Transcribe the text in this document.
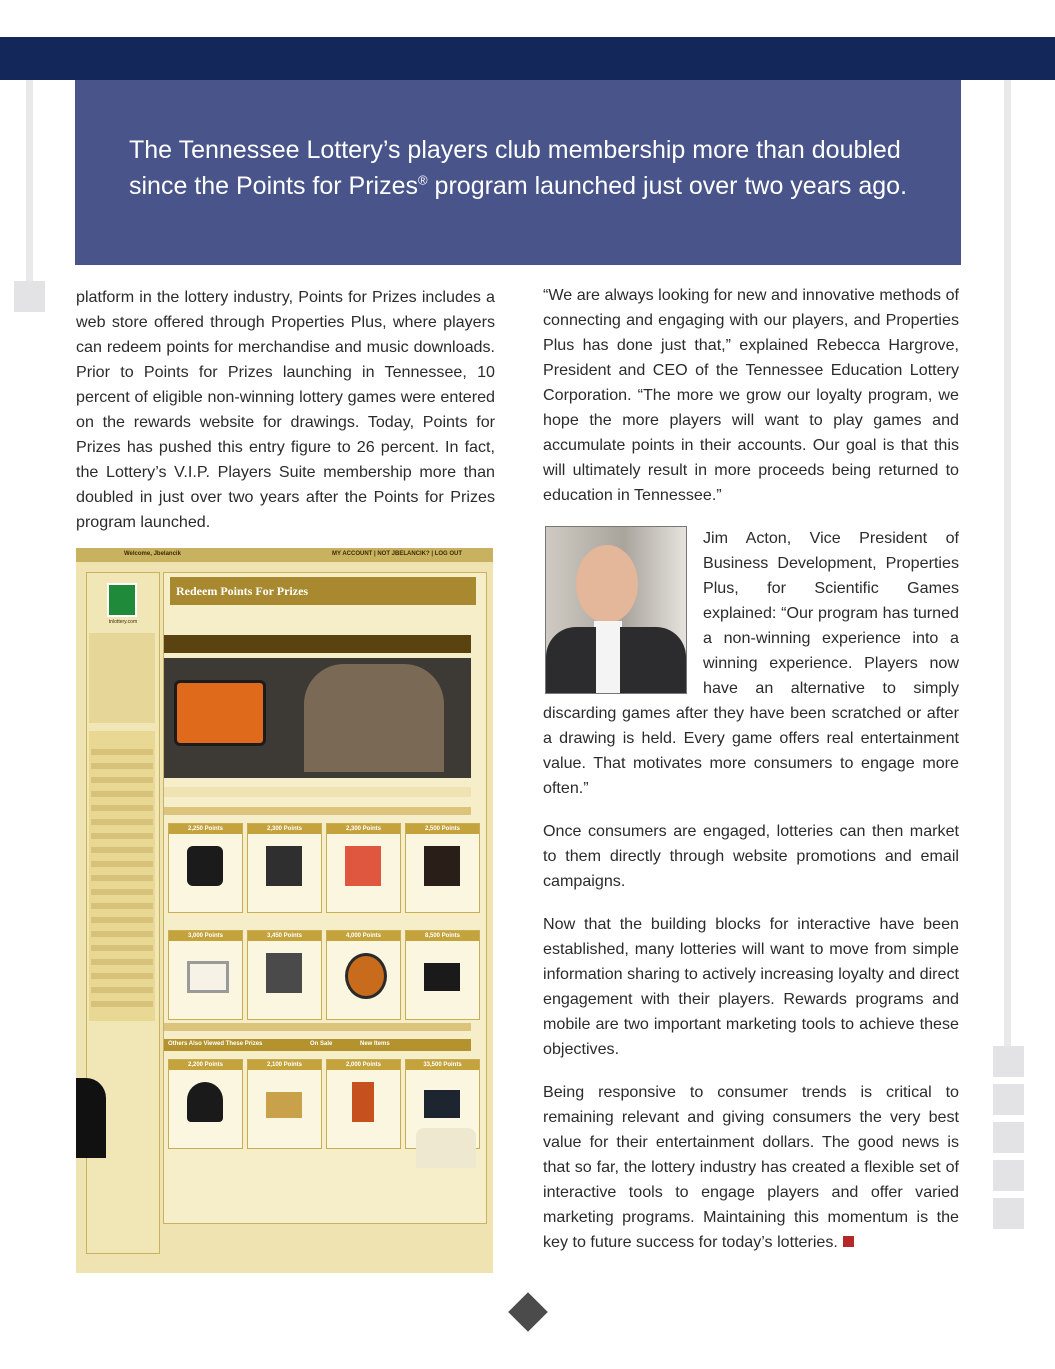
The Tennessee Lottery’s players club membership more than doubled
since the Points for Prizes® program launched just over two years ago.

platform in the lottery industry, Points for Prizes includes a web store offered through Properties Plus, where players can redeem points for merchandise and music downloads. Prior to Points for Prizes launching in Tennessee, 10 percent of eligible non-winning lottery games were entered on the rewards website for drawings. Today, Points for Prizes has pushed this entry figure to 26 percent. In fact, the Lottery’s V.I.P. Players Suite membership more than doubled in just over two years after the Points for Prizes program launched.

Welcome, Jbelancik	MY ACCOUNT | NOT JBELANCIK? | LOG OUT
tnlottery.com
Redeem Points For Prizes
2,250 Points	2,300 Points	2,300 Points	2,500 Points
3,000 Points	3,450 Points	4,000 Points	8,500 Points
Others Also Viewed These Prizes	On Sale	New Items
2,200 Points	2,100 Points	2,000 Points	33,500 Points

“We are always looking for new and innovative methods of connecting and engaging with our players, and Properties Plus has done just that,” explained Rebecca Hargrove, President and CEO of the Tennessee Education Lottery Corporation. “The more we grow our loyalty program, we hope the more players will want to play games and accumulate points in their accounts. Our goal is that this will ultimately result in more proceeds being returned to education in Tennessee.”

Jim Acton, Vice President of Business Development, Properties Plus, for Scientific Games explained: “Our program has turned a non-winning experience into a winning experience. Players now have an alternative to simply discarding games after they have been scratched or after a drawing is held. Every game offers real entertainment value. That motivates more consumers to engage more often.”

Once consumers are engaged, lotteries can then market to them directly through website promotions and email campaigns.

Now that the building blocks for interactive have been established, many lotteries will want to move from simple information sharing to actively increasing loyalty and direct engagement with their players. Rewards programs and mobile are two important marketing tools to achieve these objectives.

Being responsive to consumer trends is critical to remaining relevant and giving consumers the very best value for their entertainment dollars. The good news is that so far, the lottery industry has created a flexible set of interactive tools to engage players and offer varied marketing programs. Maintaining this momentum is the key to future success for today’s lotteries.
